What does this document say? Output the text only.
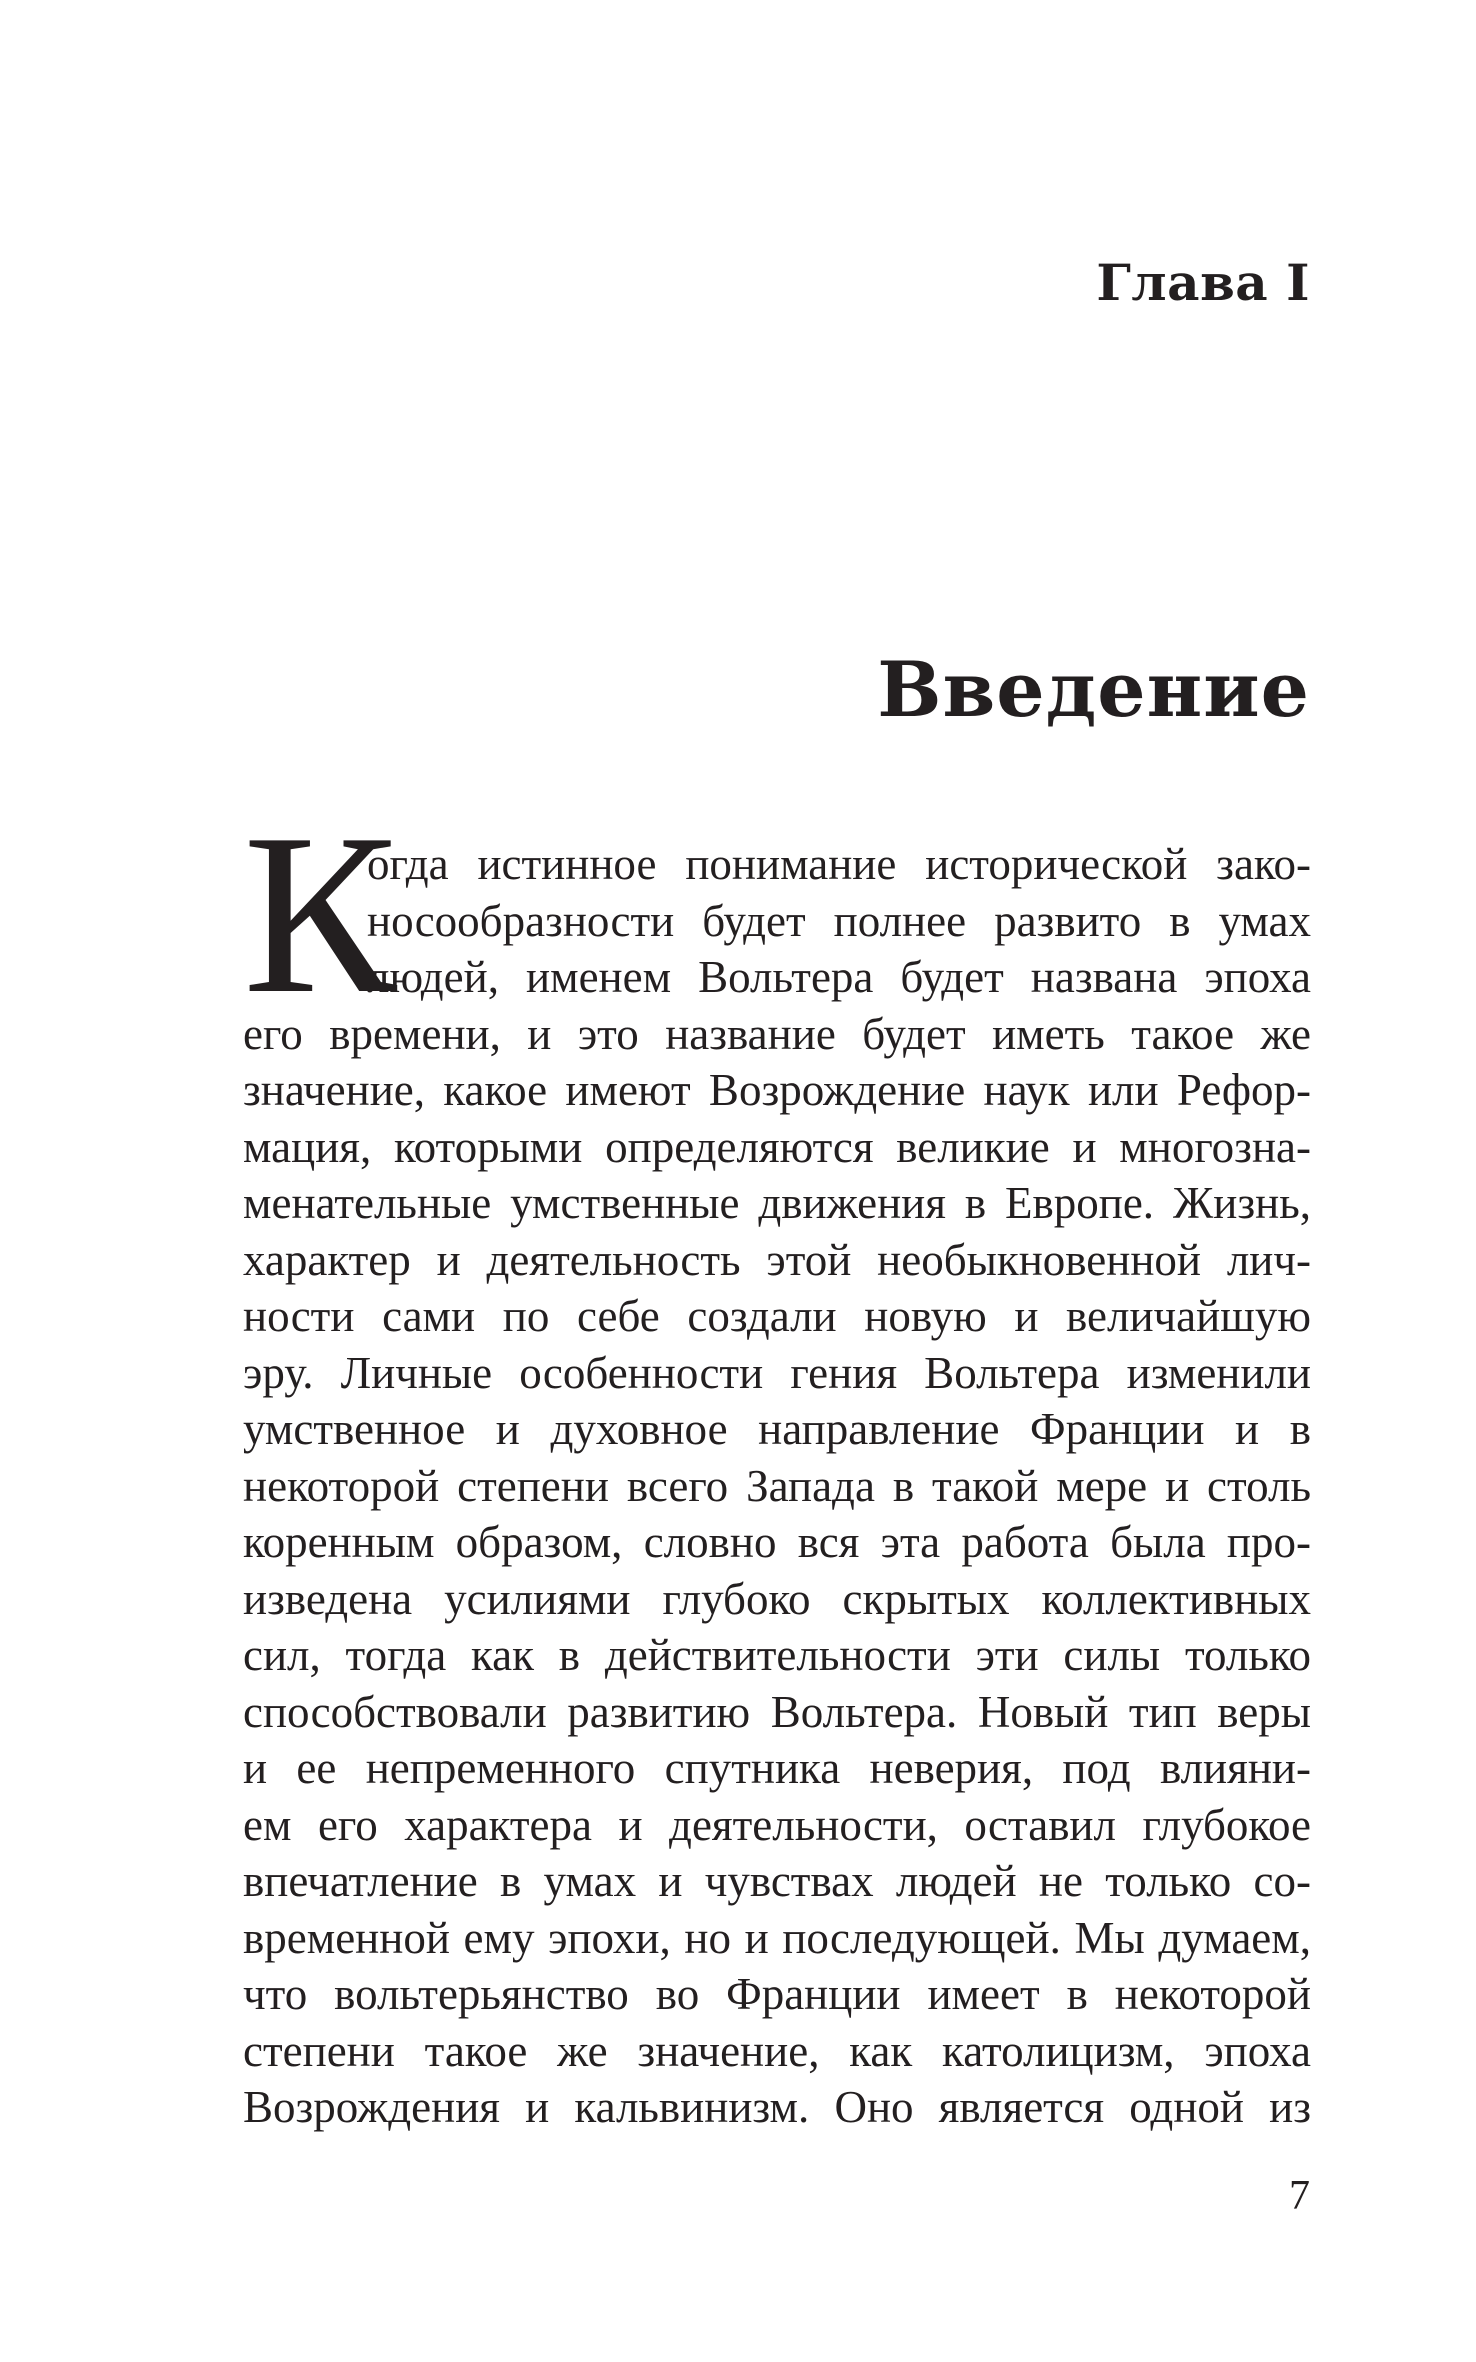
Глава I
Введение
К
огда истинное понимание исторической зако-
носообразности будет полнее развито в умах
людей, именем Вольтера будет названа эпоха
его времени, и это название будет иметь такое же
значение, какое имеют Возрождение наук или Рефор-
мация, которыми определяются великие и многозна-
менательные умственные движения в Европе. Жизнь,
характер и деятельность этой необыкновенной лич-
ности сами по себе создали новую и величайшую
эру. Личные особенности гения Вольтера изменили
умственное и духовное направление Франции и в
некоторой степени всего Запада в такой мере и столь
коренным образом, словно вся эта работа была про-
изведена усилиями глубоко скрытых коллективных
сил, тогда как в действительности эти силы только
способствовали развитию Вольтера. Новый тип веры
и ее непременного спутника неверия, под влияни-
ем его характера и деятельности, оставил глубокое
впечатление в умах и чувствах людей не только со-
временной ему эпохи, но и последующей. Мы думаем,
что вольтерьянство во Франции имеет в некоторой
степени такое же значение, как католицизм, эпоха
Возрождения и кальвинизм. Оно является одной из

7
